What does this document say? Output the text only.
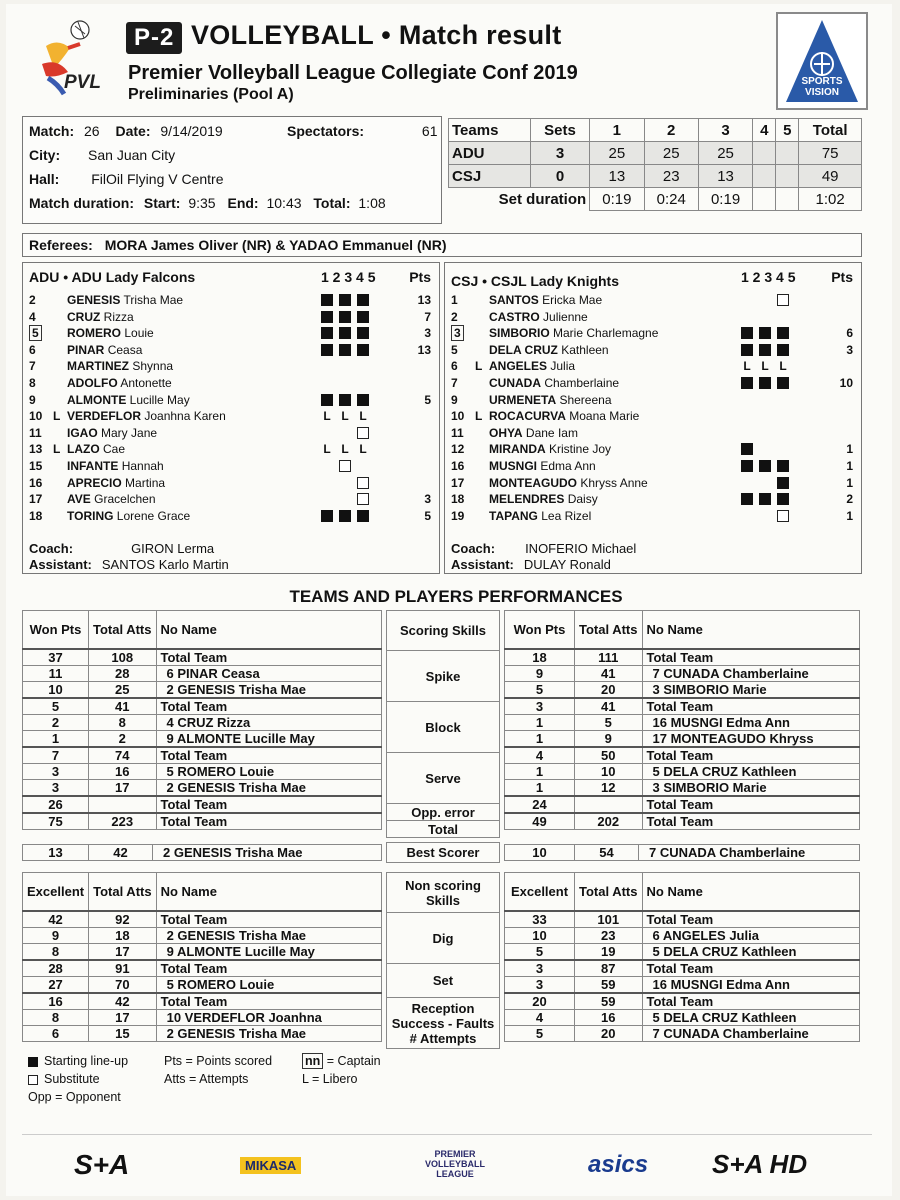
PVL
P-2 VOLLEYBALL • Match result
Premier Volleyball League Collegiate Conf 2019
Preliminaries (Pool A)
SPORTS
VISION
Match: 26 Date: 9/14/2019	Spectators:	61
City: San Juan City
Hall: FilOil Flying V Centre
Match duration: Start: 9:35 End: 10:43 Total: 1:08
Teams	Sets	1	2	3	4	5	Total
ADU	3	25	25	25			75
CSJ	0	13	23	13			49
Set duration		0:19	0:24	0:19			1:02
Referees: MORA James Oliver (NR) & YADAO Emmanuel (NR)
ADU • ADU Lady Falcons	1 2 3 4 5 Pts
2	GENESIS Trisha Mae	13
4	CRUZ Rizza	7
5	ROMERO Louie	3
6	PINAR Ceasa	13
7	MARTINEZ Shynna
8	ADOLFO Antonette
9	ALMONTE Lucille May	5
10 L VERDEFLOR Joanhna Karen	L L L
11	IGAO Mary Jane
13 L LAZO Cae	L L L
15	INFANTE Hannah
16	APRECIO Martina
17	AVE Gracelchen	3
18	TORING Lorene Grace	5
Coach:	GIRON Lerma
Assistant: SANTOS Karlo Martin
CSJ • CSJL Lady Knights	1 2 3 4 5	Pts
1	SANTOS Ericka Mae
2	CASTRO Julienne
3	SIMBORIO Marie Charlemagne	6
5	DELA CRUZ Kathleen	3
6	L ANGELES Julia	L L L
7	CUNADA Chamberlaine	10
9	URMENETA Shereena
10 L ROCACURVA Moana Marie
11	OHYA Dane Iam
12	MIRANDA Kristine Joy	1
16	MUSNGI Edma Ann	1
17	MONTEAGUDO Khryss Anne	1
18	MELENDRES Daisy	2
19	TAPANG Lea Rizel	1
Coach: INOFERIO Michael
Assistant: DULAY Ronald
TEAMS AND PLAYERS PERFORMANCES
Won Pts	Total Atts	No Name
37	108	Total Team
11	28	6 PINAR Ceasa
10	25	2 GENESIS Trisha Mae
5	41	Total Team
2	8	4 CRUZ Rizza
1	2	9 ALMONTE Lucille May
7	74	Total Team
3	16	5 ROMERO Louie
3	17	2 GENESIS Trisha Mae
26		Total Team
75	223	Total Team
Scoring Skills
Spike
Block
Serve
Opp. error
Total
Won Pts	Total Atts	No Name
18	111	Total Team
9	41	7 CUNADA Chamberlaine
5	20	3 SIMBORIO Marie
3	41	Total Team
1	5	16 MUSNGI Edma Ann
1	9	17 MONTEAGUDO Khryss
4	50	Total Team
1	10	5 DELA CRUZ Kathleen
1	12	3 SIMBORIO Marie
24		Total Team
49	202	Total Team
13	42	2 GENESIS Trisha Mae	Best Scorer	10	54	7 CUNADA Chamberlaine
Excellent	Total Atts	No Name
42	92	Total Team
9	18	2 GENESIS Trisha Mae
8	17	9 ALMONTE Lucille May
28	91	Total Team
27	70	5 ROMERO Louie
16	42	Total Team
8	17	10 VERDEFLOR Joanhna
6	15	2 GENESIS Trisha Mae
Non scoring Skills
Dig
Set

Reception
Success - Faults
# Attempts
Excellent	Total Atts	No Name
33	101	Total Team
10	23	6 ANGELES Julia
5	19	5 DELA CRUZ Kathleen
3	87	Total Team
3	59	16 MUSNGI Edma Ann
20	59	Total Team
4	16	5 DELA CRUZ Kathleen
5	20	7 CUNADA Chamberlaine
Starting line-up
Substitute
Opp = Opponent
Pts = Points scored
Atts = Attempts
nn = Captain
L = Libero
S+A	MIKASA
PREMIER VOLLEYBALL LEAGUE	asics S+A HD
